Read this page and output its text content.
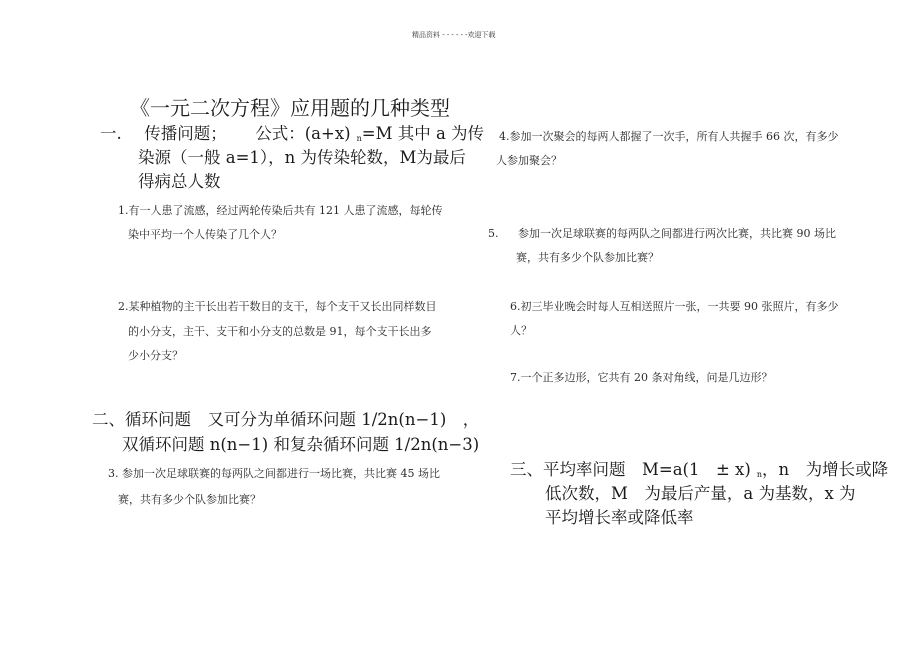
精品资料 - - - - - -欢迎下载
《一元二次方程》应用题的几种类型
一. 传播问题； 公式：(a+x) $_n$=M 其中 a 为传
染源（一般 a=1），n 为传染轮数，M为最后
得病总人数
1.有一人患了流感，经过两轮传染后共有 121 人患了流感，每轮传
染中平均一个人传染了几个人？
2.某种植物的主干长出若干数目的支干，每个支干又长出同样数目
的小分支，主干、支干和小分支的总数是 91，每个支干长出多
少小分支？
二、循环问题　又可分为单循环问题 1/2n(n−1)　，
双循环问题 n(n−1) 和复杂循环问题 1/2n(n−3)
3. 参加一次足球联赛的每两队之间都进行一场比赛，共比赛 45 场比
赛，共有多少个队参加比赛？
4.参加一次聚会的每两人都握了一次手，所有人共握手 66 次，有多少
人参加聚会？
5. 参加一次足球联赛的每两队之间都进行两次比赛，共比赛 90 场比
赛，共有多少个队参加比赛？
6.初三毕业晚会时每人互相送照片一张，一共要 90 张照片，有多少
人？
7.一个正多边形，它共有 20 条对角线，问是几边形？
三、平均率问题　M=a(1　± x) $_n$，n　为增长或降
低次数，M　为最后产量，a 为基数，x 为
平均增长率或降低率
